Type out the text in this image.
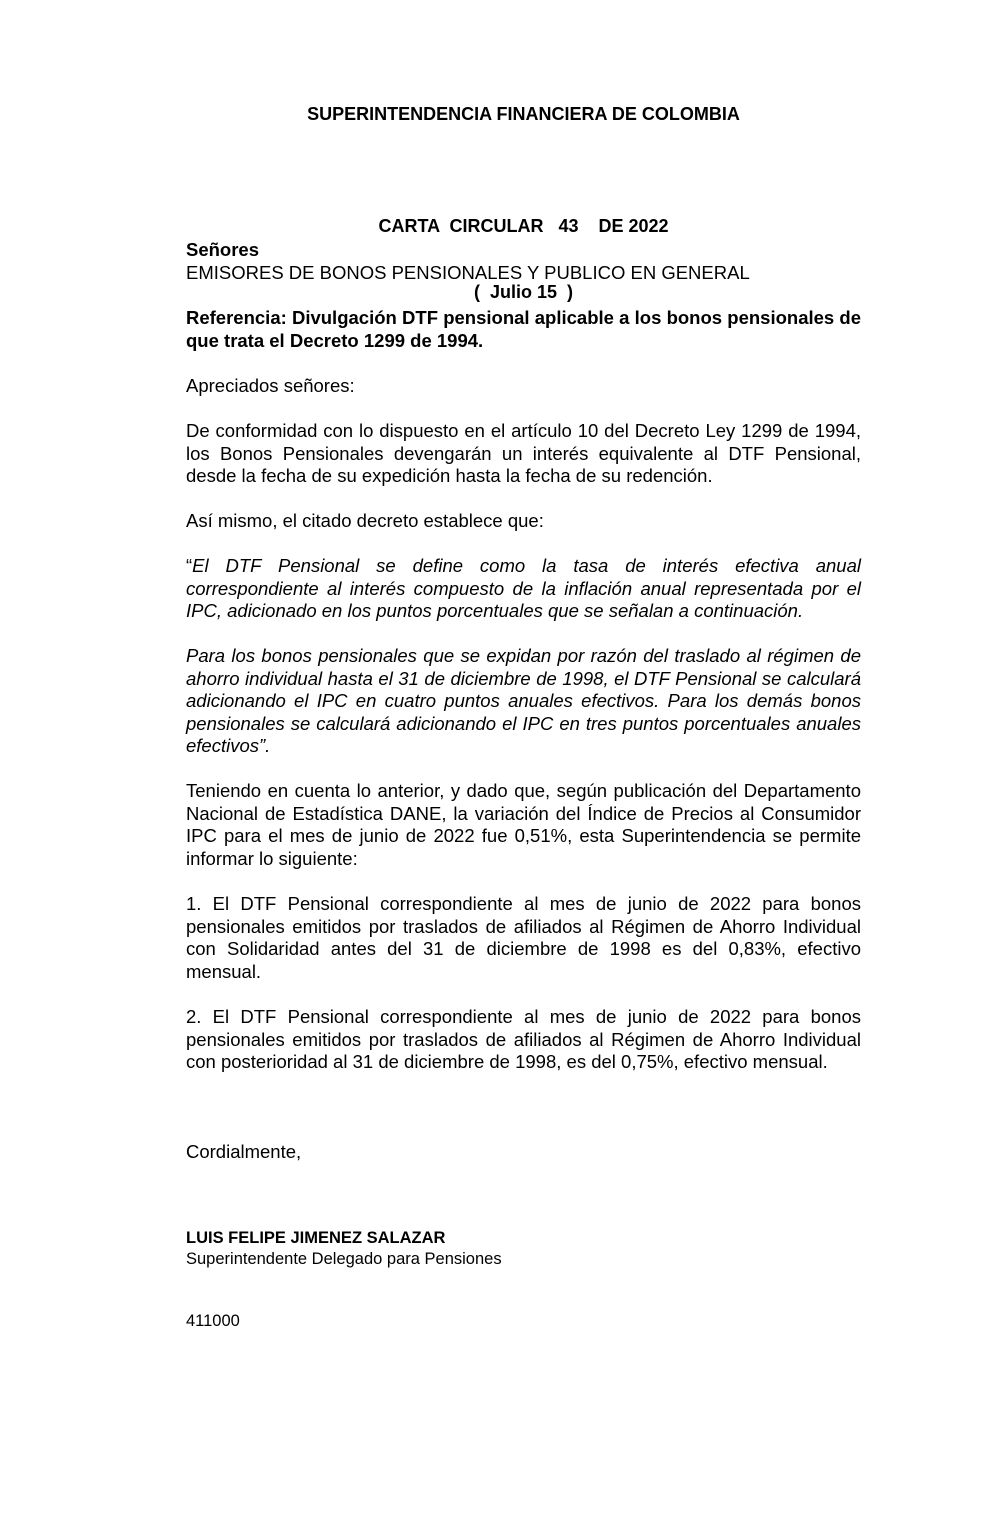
SUPERINTENDENCIA FINANCIERA DE COLOMBIA

CARTA  CIRCULAR   43    DE 2022

(  Julio 15  )

Señores
EMISORES DE BONOS PENSIONALES Y PUBLICO EN GENERAL
Referencia: Divulgación DTF pensional aplicable a los bonos pensionales de que trata el Decreto 1299 de 1994.
Apreciados señores:
De conformidad con lo dispuesto en el artículo 10 del Decreto Ley 1299 de 1994, los Bonos Pensionales devengarán un interés equivalente al DTF Pensional, desde la fecha de su expedición hasta la fecha de su redención.
Así mismo, el citado decreto establece que:
“El DTF Pensional se define como la tasa de interés efectiva anual correspondiente al interés compuesto de la inflación anual representada por el IPC, adicionado en los puntos porcentuales que se señalan a continuación.
Para los bonos pensionales que se expidan por razón del traslado al régimen de ahorro individual hasta el 31 de diciembre de 1998, el DTF Pensional se calculará adicionando el IPC en cuatro puntos anuales efectivos. Para los demás bonos pensionales se calculará adicionando el IPC en tres puntos porcentuales anuales efectivos”.
Teniendo en cuenta lo anterior, y dado que, según publicación del Departamento Nacional de Estadística DANE, la variación del Índice de Precios al Consumidor IPC para el mes de junio de 2022 fue 0,51%, esta Superintendencia se permite informar lo siguiente:
1. El DTF Pensional correspondiente al mes de junio de 2022 para bonos pensionales emitidos por traslados de afiliados al Régimen de Ahorro Individual con Solidaridad antes del 31 de diciembre de 1998 es del 0,83%, efectivo mensual.
2. El DTF Pensional correspondiente al mes de junio de 2022 para bonos pensionales emitidos por traslados de afiliados al Régimen de Ahorro Individual con posterioridad al 31 de diciembre de 1998, es del 0,75%, efectivo mensual.
Cordialmente,
LUIS FELIPE JIMENEZ SALAZAR
Superintendente Delegado para Pensiones
411000
